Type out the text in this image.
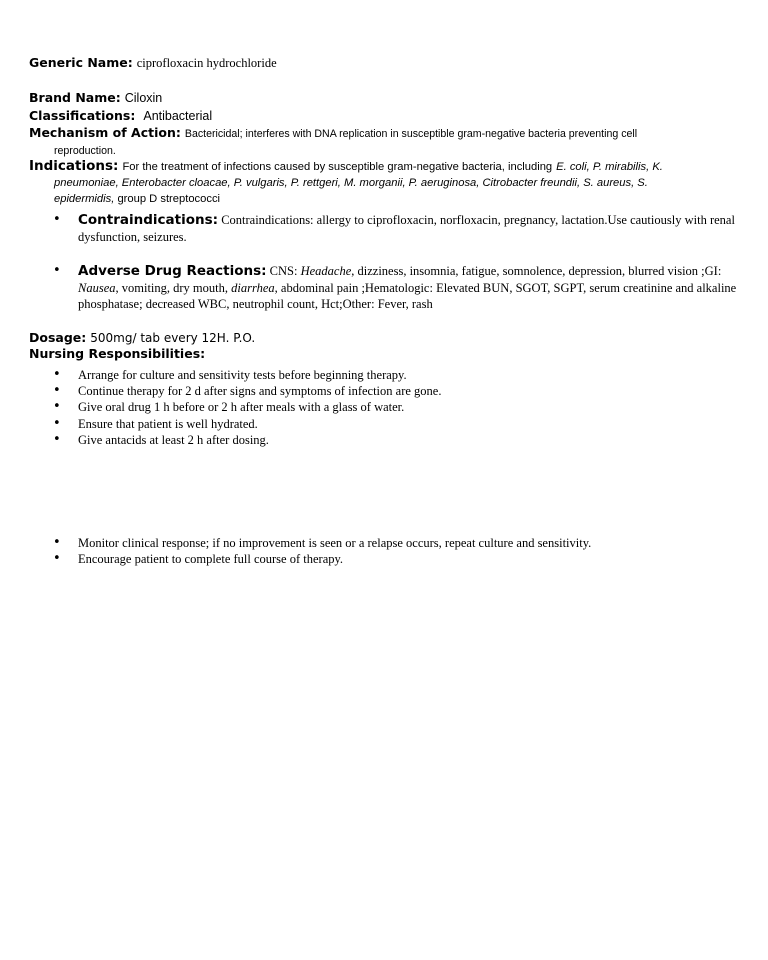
Generic Name: ciprofloxacin hydrochloride
Brand Name: Ciloxin
Classifications: Antibacterial
Mechanism of Action: Bactericidal; interferes with DNA replication in susceptible gram-negative bacteria preventing cell
reproduction.
Indications: For the treatment of infections caused by susceptible gram-negative bacteria, including E. coli, P. mirabilis, K.
pneumoniae, Enterobacter cloacae, P. vulgaris, P. rettgeri, M. morganii, P. aeruginosa, Citrobacter freundii, S. aureus, S.
epidermidis, group D streptococci
• Contraindications: Contraindications: allergy to ciprofloxacin, norfloxacin, pregnancy, lactation.Use cautiously with renal dysfunction, seizures.
• Adverse Drug Reactions: CNS: Headache, dizziness, insomnia, fatigue, somnolence, depression, blurred vision ;GI: Nausea, vomiting, dry mouth, diarrhea, abdominal pain ;Hematologic: Elevated BUN, SGOT, SGPT, serum creatinine and alkaline phosphatase; decreased WBC, neutrophil count, Hct;Other: Fever, rash
Dosage: 500mg/ tab every 12H. P.O.
Nursing Responsibilities:
• Arrange for culture and sensitivity tests before beginning therapy.
• Continue therapy for 2 d after signs and symptoms of infection are gone.
• Give oral drug 1 h before or 2 h after meals with a glass of water.
• Ensure that patient is well hydrated.
• Give antacids at least 2 h after dosing.
• Monitor clinical response; if no improvement is seen or a relapse occurs, repeat culture and sensitivity.
• Encourage patient to complete full course of therapy.
